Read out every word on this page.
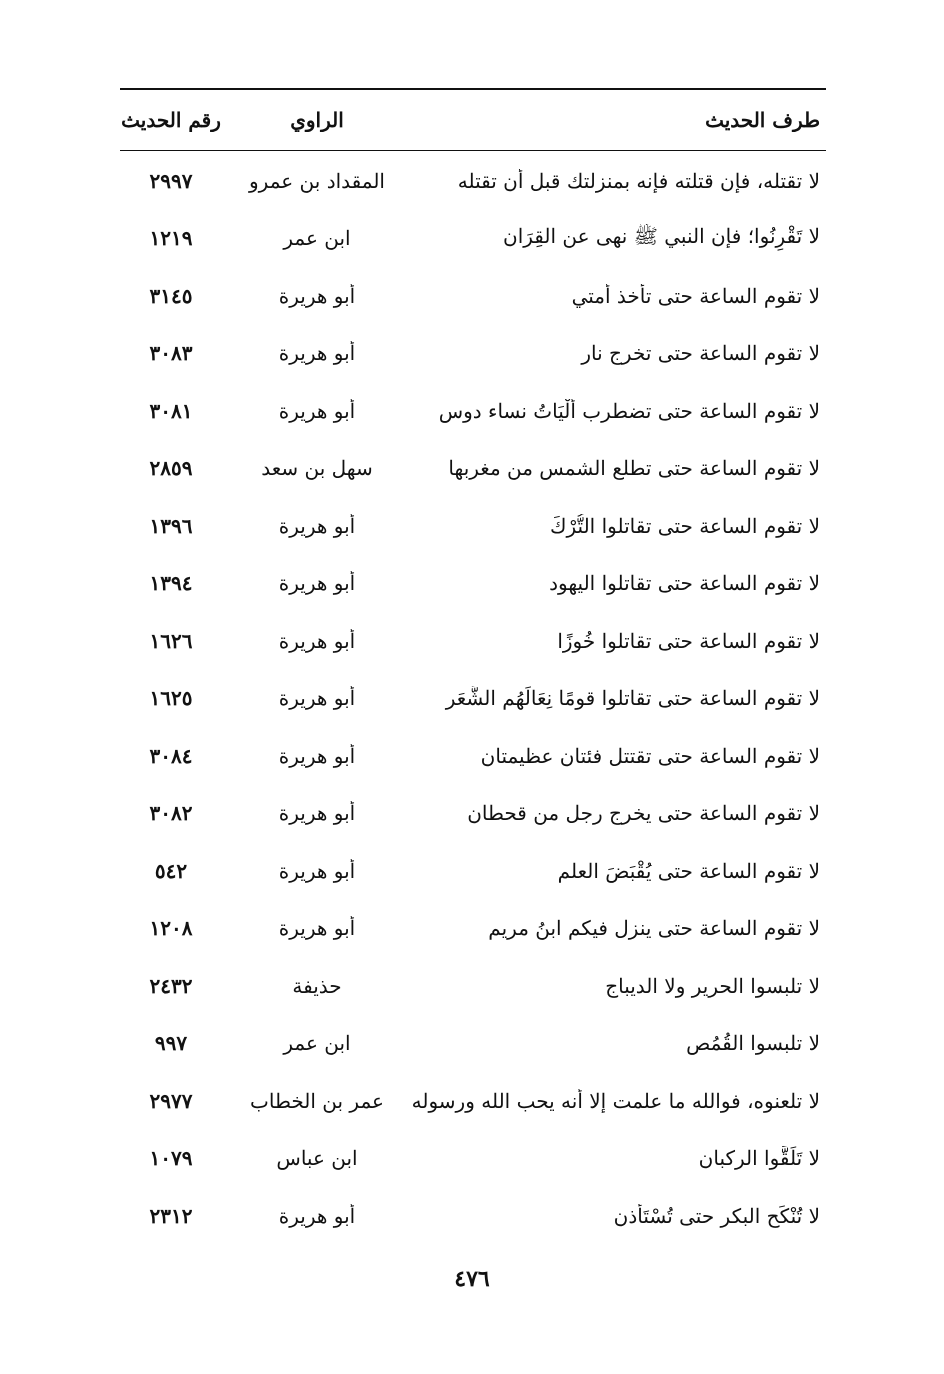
طرف الحديث
الراوي
رقم الحديث
لا تقتله، فإن قتلته فإنه بمنزلتك قبل أن تقتله
المقداد بن عمرو
٢٩٩٧
لا تَقْرِنُوا؛ فإن النبي ﷺ نهى عن القِرَان
ابن عمر
١٢١٩
لا تقوم الساعة حتى تأخذ أمتي
أبو هريرة
٣١٤٥
لا تقوم الساعة حتى تخرج نار
أبو هريرة
٣٠٨٣
لا تقوم الساعة حتى تضطرب أَلْيَاتُ نساء دوس
أبو هريرة
٣٠٨١
لا تقوم الساعة حتى تطلع الشمس من مغربها
سهل بن سعد
٢٨٥٩
لا تقوم الساعة حتى تقاتلوا التُّرْكَ
أبو هريرة
١٣٩٦
لا تقوم الساعة حتى تقاتلوا اليهود
أبو هريرة
١٣٩٤
لا تقوم الساعة حتى تقاتلوا خُوزًا
أبو هريرة
١٦٢٦
لا تقوم الساعة حتى تقاتلوا قومًا نِعَالَهُم الشَّعَر
أبو هريرة
١٦٢٥
لا تقوم الساعة حتى تقتتل فئتان عظيمتان
أبو هريرة
٣٠٨٤
لا تقوم الساعة حتى يخرج رجل من قحطان
أبو هريرة
٣٠٨٢
لا تقوم الساعة حتى يُقْبَضَ العلم
أبو هريرة
٥٤٢
لا تقوم الساعة حتى ينزل فيكم ابنُ مريم
أبو هريرة
١٢٠٨
لا تلبسوا الحرير ولا الديباج
حذيفة
٢٤٣٢
لا تلبسوا القُمُص
ابن عمر
٩٩٧
لا تلعنوه، فوالله ما علمت إلا أنه يحب الله ورسوله
عمر بن الخطاب
٢٩٧٧
لا تَلَقَّوا الركبان
ابن عباس
١٠٧٩
لا تُنْكَح البكر حتى تُسْتَأذن
أبو هريرة
٢٣١٢
٤٧٦
